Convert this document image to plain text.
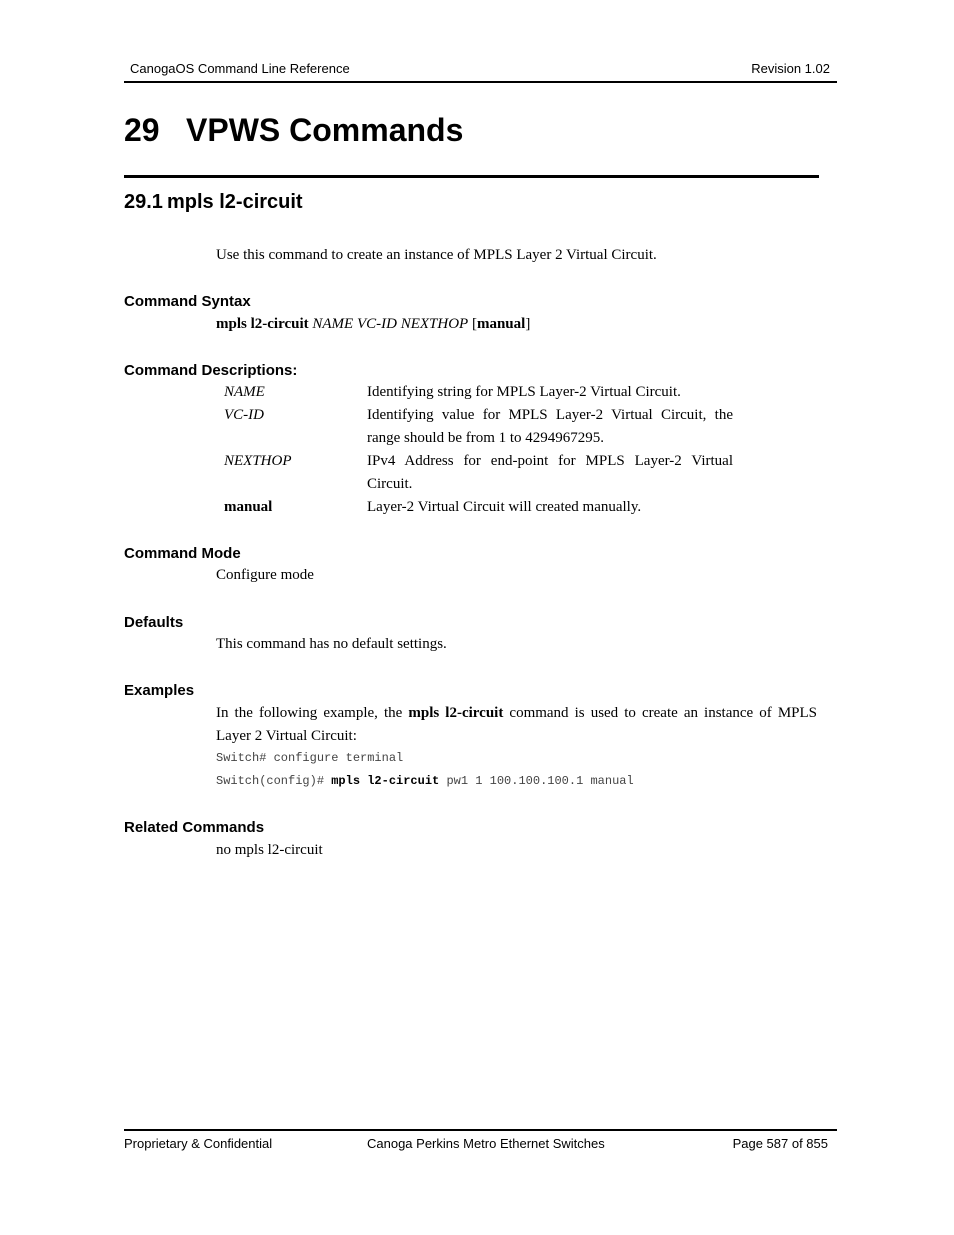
CanogaOS Command Line Reference	Revision 1.02
29 VPWS Commands
29.1 mpls l2-circuit
Use this command to create an instance of MPLS Layer 2 Virtual Circuit.
Command Syntax
mpls l2-circuit NAME VC-ID NEXTHOP [manual]
Command Descriptions:
NAME	Identifying string for MPLS Layer-2 Virtual Circuit.
VC-ID	Identifying value for MPLS Layer-2 Virtual Circuit, the
range should be from 1 to 4294967295.
NEXTHOP	IPv4 Address for end-point for MPLS Layer-2 Virtual
Circuit.
manual	Layer-2 Virtual Circuit will created manually.
Command Mode
Configure mode
Defaults
This command has no default settings.
Examples
In the following example, the mpls l2-circuit command is used to create an instance of MPLS
Layer 2 Virtual Circuit:
Switch# configure terminal
Switch(config)# mpls l2-circuit pw1 1 100.100.100.1 manual
Related Commands
no mpls l2-circuit
Proprietary & Confidential	Canoga Perkins Metro Ethernet Switches	Page 587 of 855
